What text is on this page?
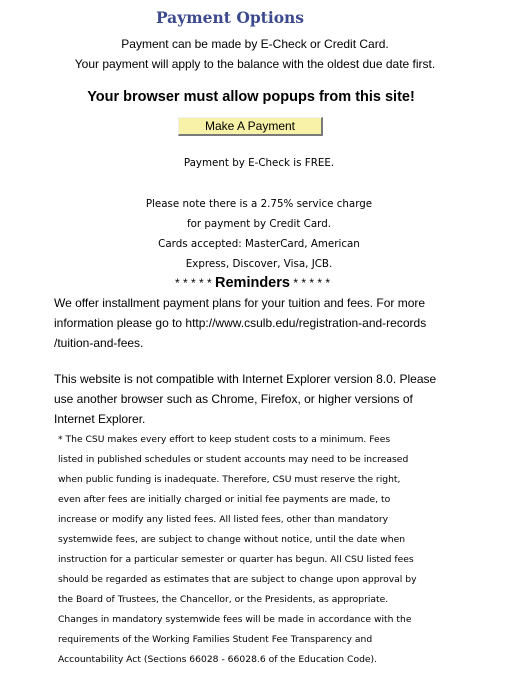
Payment Options
Payment can be made by E-Check or Credit Card.
Your payment will apply to the balance with the oldest due date first.
Your browser must allow popups from this site!
Make A Payment
Payment by E-Check is FREE.
Please note there is a 2.75% service charge
for payment by Credit Card.
Cards accepted: MasterCard, American
Express, Discover, Visa, JCB.
* * * * * Reminders * * * * *
We offer installment payment plans for your tuition and fees. For more
information please go to http://www.csulb.edu/registration-and-records
/tuition-and-fees.
This website is not compatible with Internet Explorer version 8.0. Please
use another browser such as Chrome, Firefox, or higher versions of
Internet Explorer.
* The CSU makes every effort to keep student costs to a minimum. Fees
listed in published schedules or student accounts may need to be increased
when public funding is inadequate. Therefore, CSU must reserve the right,
even after fees are initially charged or initial fee payments are made, to
increase or modify any listed fees. All listed fees, other than mandatory
systemwide fees, are subject to change without notice, until the date when
instruction for a particular semester or quarter has begun. All CSU listed fees
should be regarded as estimates that are subject to change upon approval by
the Board of Trustees, the Chancellor, or the Presidents, as appropriate.
Changes in mandatory systemwide fees will be made in accordance with the
requirements of the Working Families Student Fee Transparency and
Accountability Act (Sections 66028 - 66028.6 of the Education Code).
